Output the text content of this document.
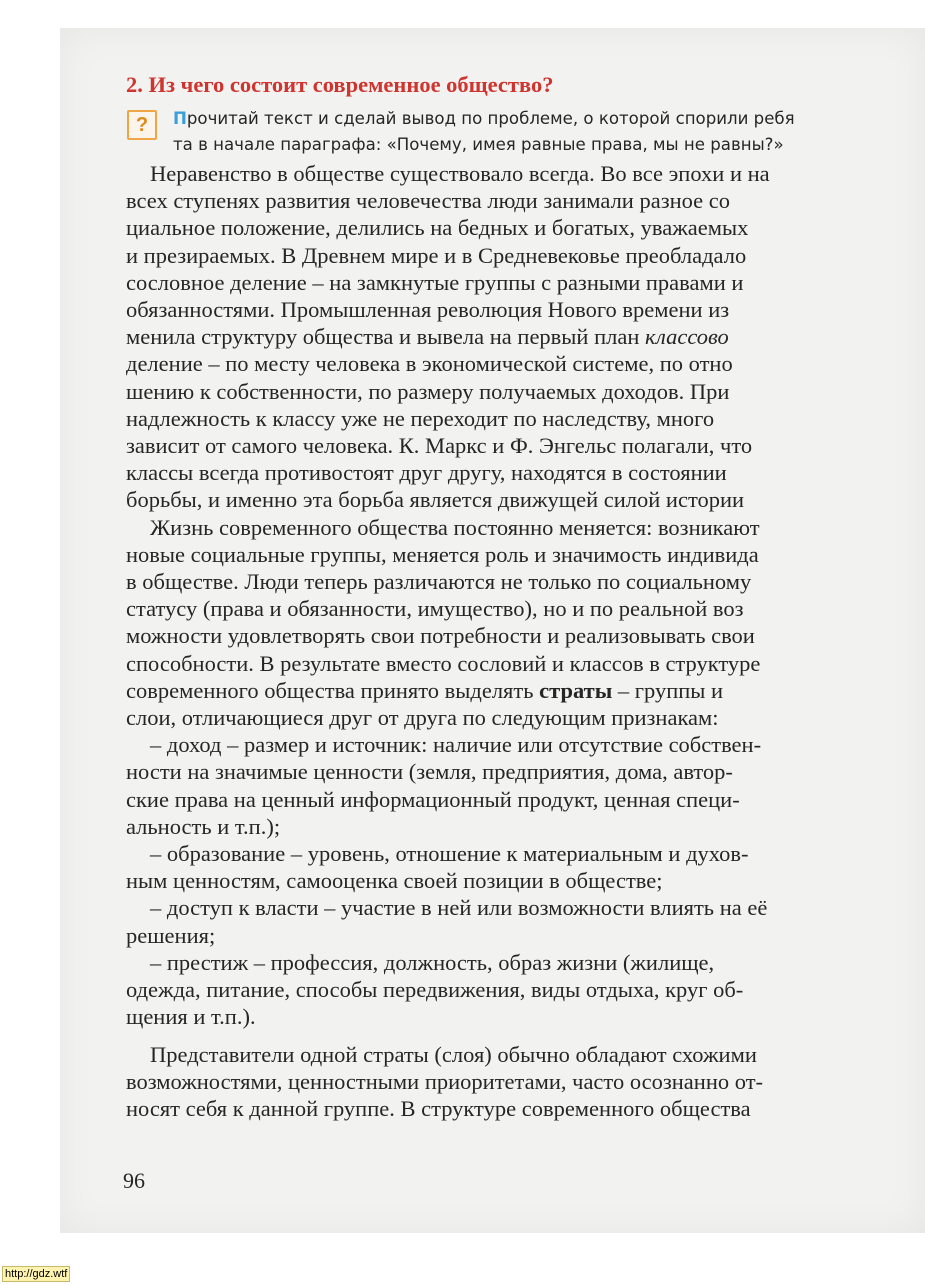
2. Из чего состоит современное общество?
?	Прочитай текст и сделай вывод по проблеме, о которой спорили ребя
та в начале параграфа: «Почему, имея равные права, мы не равны?»
Неравенство в обществе существовало всегда. Во все эпохи и на
всех ступенях развития человечества люди занимали разное со
циальное положение, делились на бедных и богатых, уважаемых
и презираемых. В Древнем мире и в Средневековье преобладало
сословное деление – на замкнутые группы с разными правами и
обязанностями. Промышленная революция Нового времени из
менила структуру общества и вывела на первый план классово
деление – по месту человека в экономической системе, по отно
шению к собственности, по размеру получаемых доходов. При
надлежность к классу уже не переходит по наследству, много
зависит от самого человека. К. Маркс и Ф. Энгельс полагали, что
классы всегда противостоят друг другу, находятся в состоянии
борьбы, и именно эта борьба является движущей силой истории
Жизнь современного общества постоянно меняется: возникают
новые социальные группы, меняется роль и значимость индивида
в обществе. Люди теперь различаются не только по социальному
статусу (права и обязанности, имущество), но и по реальной воз
можности удовлетворять свои потребности и реализовывать свои
способности. В результате вместо сословий и классов в структуре
современного общества принято выделять страты – группы и
слои, отличающиеся друг от друга по следующим признакам:
– доход – размер и источник: наличие или отсутствие собствен-
ности на значимые ценности (земля, предприятия, дома, автор-
ские права на ценный информационный продукт, ценная специ-
альность и т.п.);
– образование – уровень, отношение к материальным и духов-
ным ценностям, самооценка своей позиции в обществе;
– доступ к власти – участие в ней или возможности влиять на её
решения;
– престиж – профессия, должность, образ жизни (жилище,
одежда, питание, способы передвижения, виды отдыха, круг об-
щения и т.п.).
Представители одной страты (слоя) обычно обладают схожими
возможностями, ценностными приоритетами, часто осознанно от-
носят себя к данной группе. В структуре современного общества
96
http://gdz.wtf
